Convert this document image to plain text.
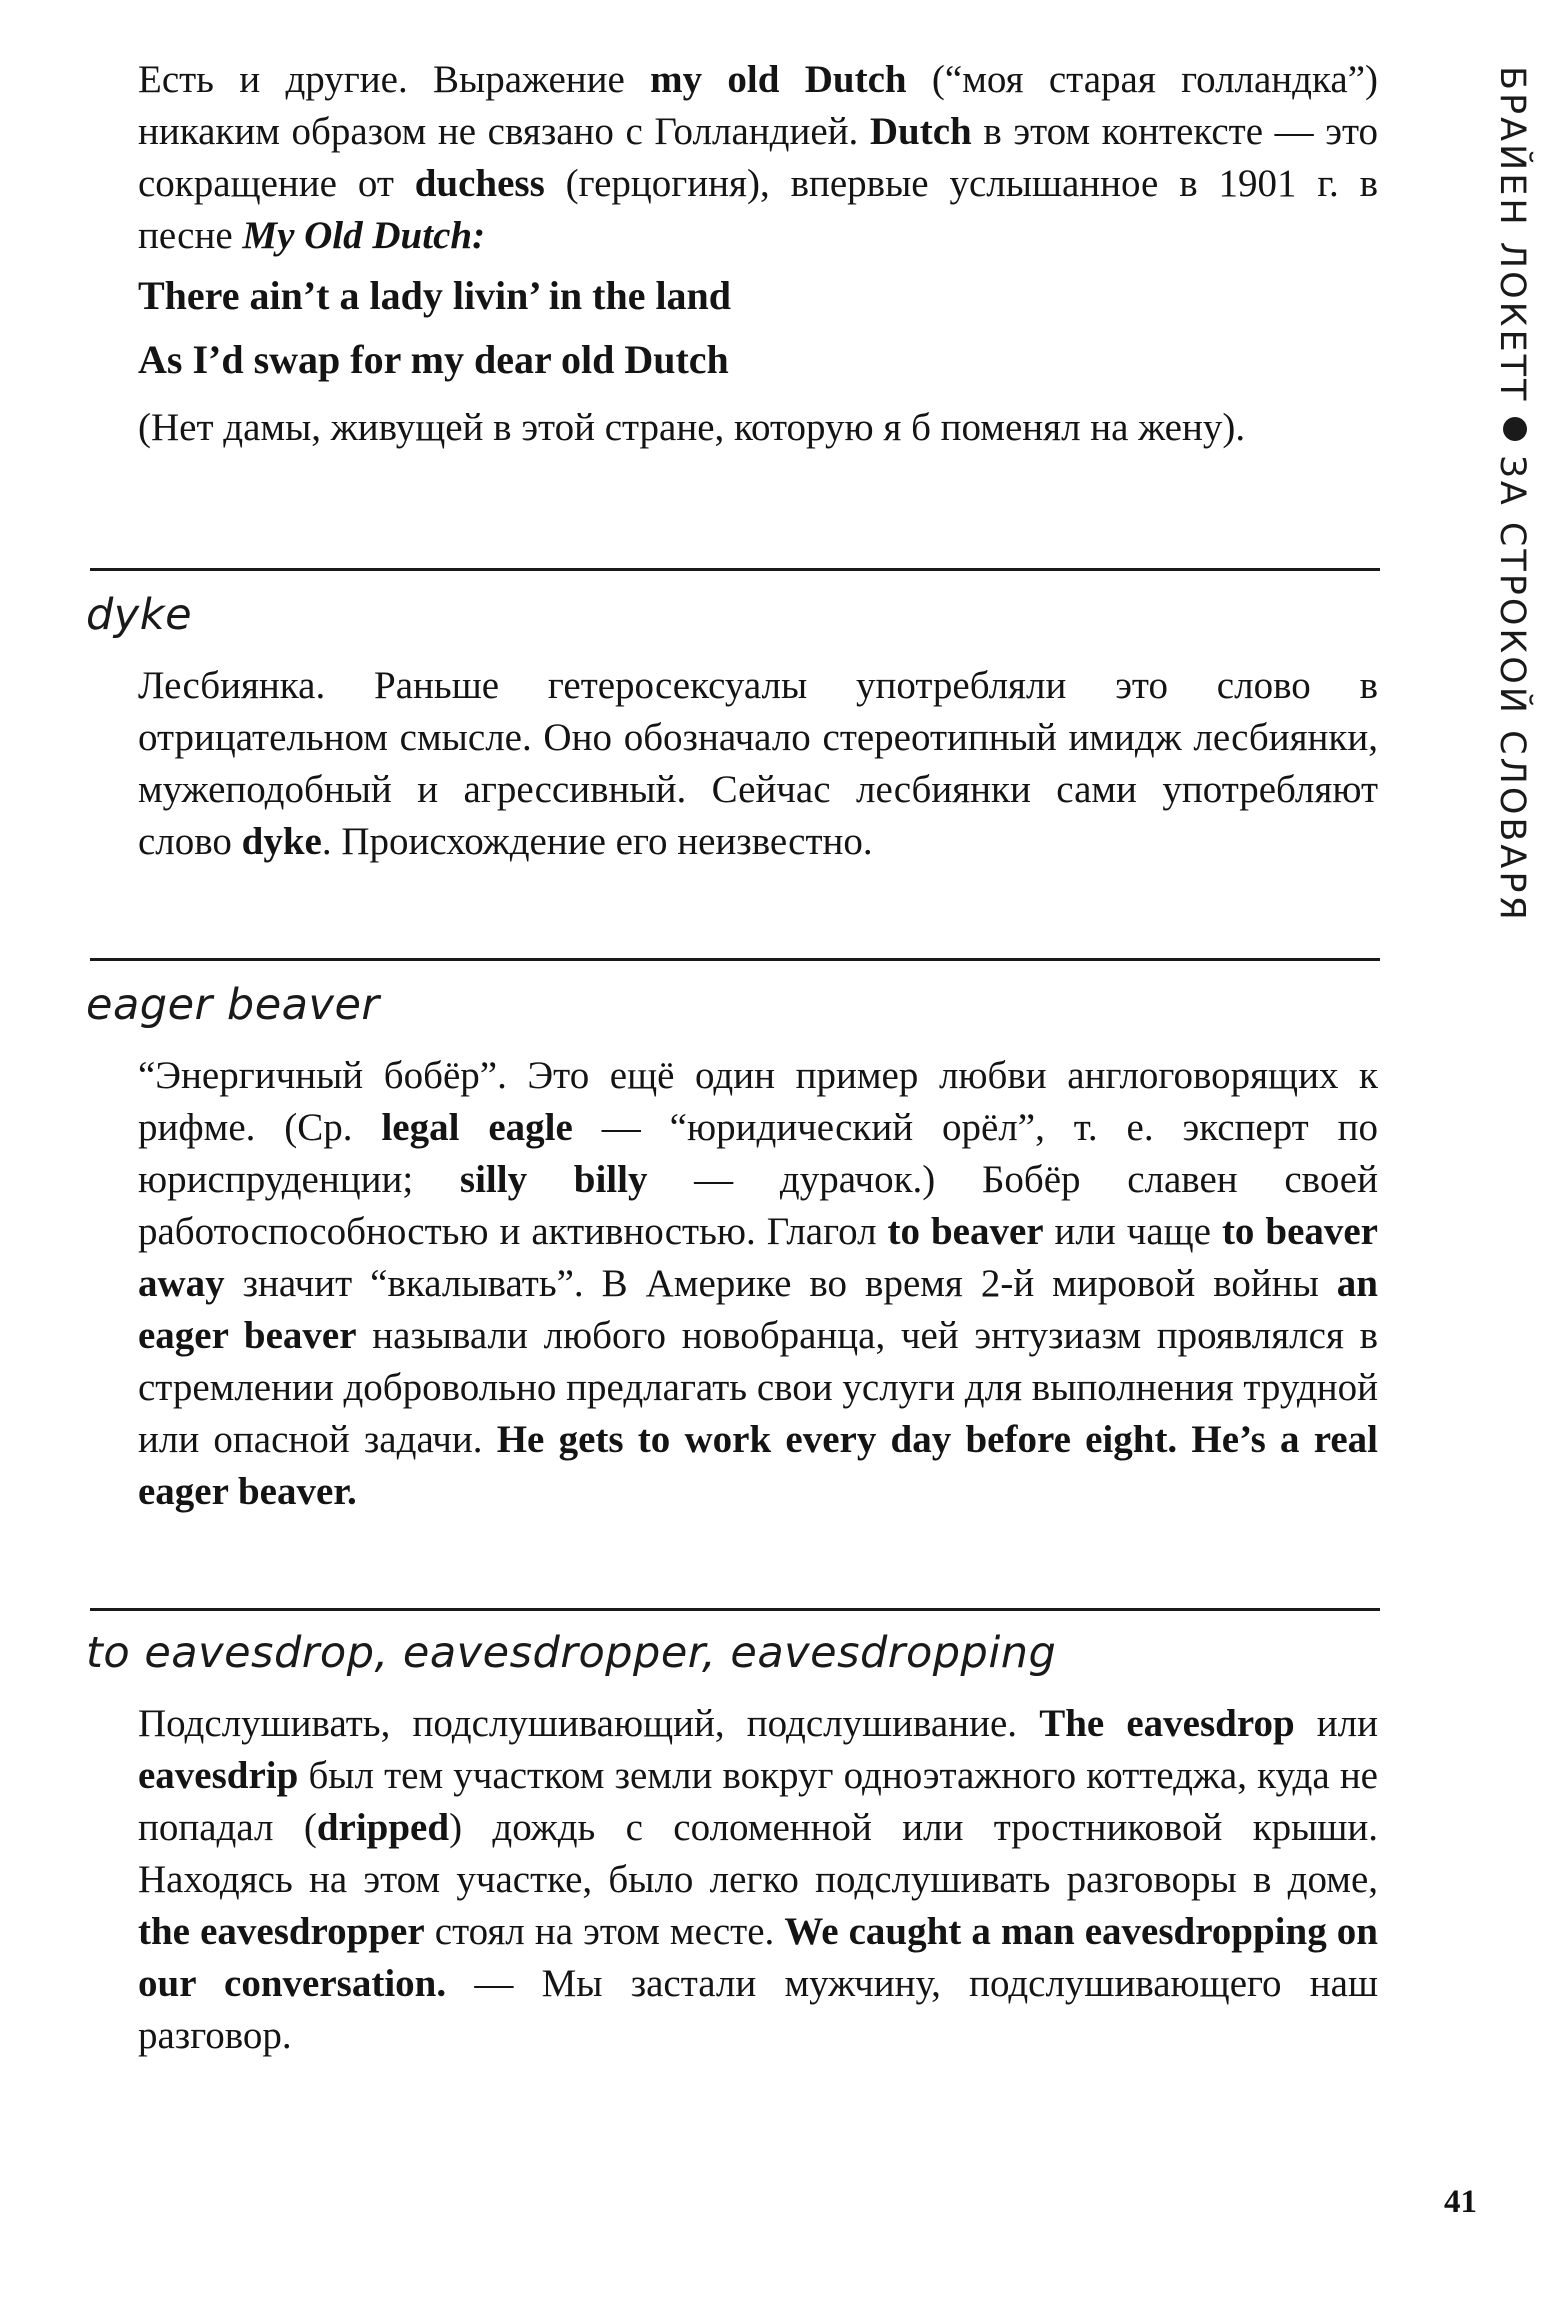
Есть и другие. Выражение my old Dutch (“моя старая голландка”) никаким образом не связано с Голландией. Dutch в этом контексте — это сокращение от duchess (герцогиня), впервые услышанное в 1901 г. в песне My Old Dutch:

There ain’t a lady livin’ in the land

As I’d swap for my dear old Dutch

(Нет дамы, живущей в этой стране, которую я б поменял на жену).

dyke

Лесбиянка. Раньше гетеросексуалы употребляли это слово в отрицательном смысле. Оно обозначало стереотипный имидж лесбиянки, мужеподобный и агрессивный. Сейчас лесбиянки сами употребляют слово dyke. Происхождение его неизвестно.

eager beaver

“Энергичный бобёр”. Это ещё один пример любви англоговорящих к рифме. (Ср. legal eagle — “юридический орёл”, т. е. эксперт по юриспруденции; silly billy — дурачок.) Бобёр славен своей работоспособностью и активностью. Глагол to beaver или чаще to beaver away значит “вкалывать”. В Америке во время 2-й мировой войны an eager beaver называли любого новобранца, чей энтузиазм проявлялся в стремлении добровольно предлагать свои услуги для выполнения трудной или опасной задачи. He gets to work every day before eight. He’s a real eager beaver.

to eavesdrop, eavesdropper, eavesdropping

Подслушивать, подслушивающий, подслушивание. The eavesdrop или eavesdrip был тем участком земли вокруг одноэтажного коттеджа, куда не попадал (dripped) дождь с соломенной или тростниковой крыши. Находясь на этом участке, было легко подслушивать разговоры в доме, the eavesdropper стоял на этом месте. We caught a man eavesdropping on our conversation. — Мы застали мужчину, подслушивающего наш разговор.

БРАЙЕН ЛОКЕТТЗА СТРОКОЙ СЛОВАРЯ
41
